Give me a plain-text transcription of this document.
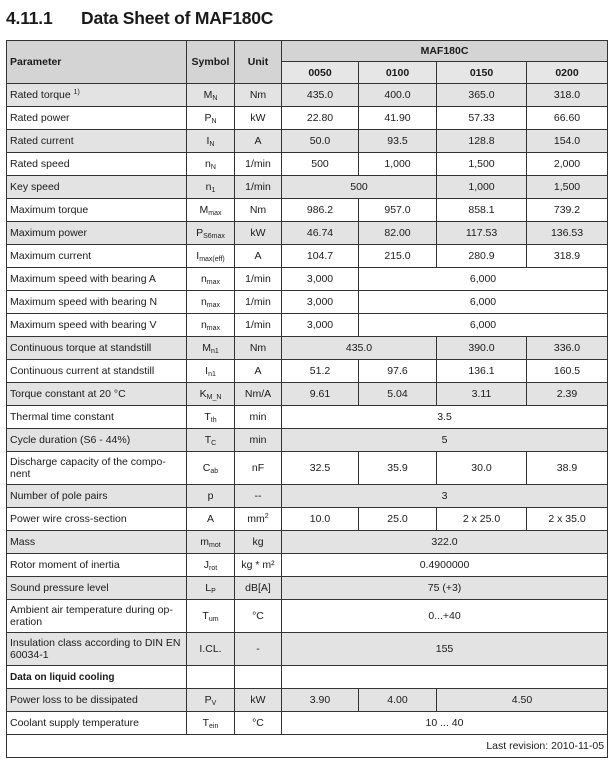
4.11.1	Data Sheet of MAF180C
Parameter	Symbol	Unit	MAF180C			
			0050	0100	0150	0200
Rated torque $^{1)}$	$M_N$	Nm	435.0	400.0	365.0	318.0
Rated power	$P_N$	kW	22.80	41.90	57.33	66.60
Rated current	$I_N$	A	50.0	93.5	128.8	154.0
Rated speed	$n_N$	1/min	500	1,000	1,500	2,000
Key speed	$n_1$	1/min	500		1,000	1,500
Maximum torque	$M_{max}$	Nm	986.2	957.0	858.1	739.2
Maximum power	$P_{S6max}$	kW	46.74	82.00	117.53	136.53
Maximum current	$I_{max(eff)}$	A	104.7	215.0	280.9	318.9
Maximum speed with bearing A	$n_{max}$	1/min	3,000	6,000		
Maximum speed with bearing N	$n_{max}$	1/min	3,000	6,000		
Maximum speed with bearing V	$n_{max}$	1/min	3,000	6,000		
Continuous torque at standstill	$M_{n1}$	Nm	435.0		390.0	336.0
Continuous current at standstill	$I_{n1}$	A	51.2	97.6	136.1	160.5
Torque constant at 20 °C	$K_{M\_N}$	Nm/A	9.61	5.04	3.11	2.39
Thermal time constant	$T_{th}$	min	3.5			
Cycle duration (S6 - 44%)	$T_C$	min	5			
Discharge capacity of the compo-nent	$C_{ab}$	nF	32.5	35.9	30.0	38.9
Number of pole pairs	p	--	3			
Power wire cross-section	A	$mm^2$	10.0	25.0	2 x 25.0	2 x 35.0
Mass	$m_{mot}$	kg	322.0			
Rotor moment of inertia	$J_{rot}$	kg * m²	0.4900000			
Sound pressure level	$L_P$	dB[A]	75 (+3)			
Ambient air temperature during op-eration	$T_{um}$	°C	0...+40			
Insulation class according to DIN EN 60034-1	I.CL.	-	155			
Data on liquid cooling						
Power loss to be dissipated	$P_V$	kW	3.90	4.00	4.50	
Coolant supply temperature	$T_{ein}$	°C	10 ... 40			
Last revision: 2010-11-05						
